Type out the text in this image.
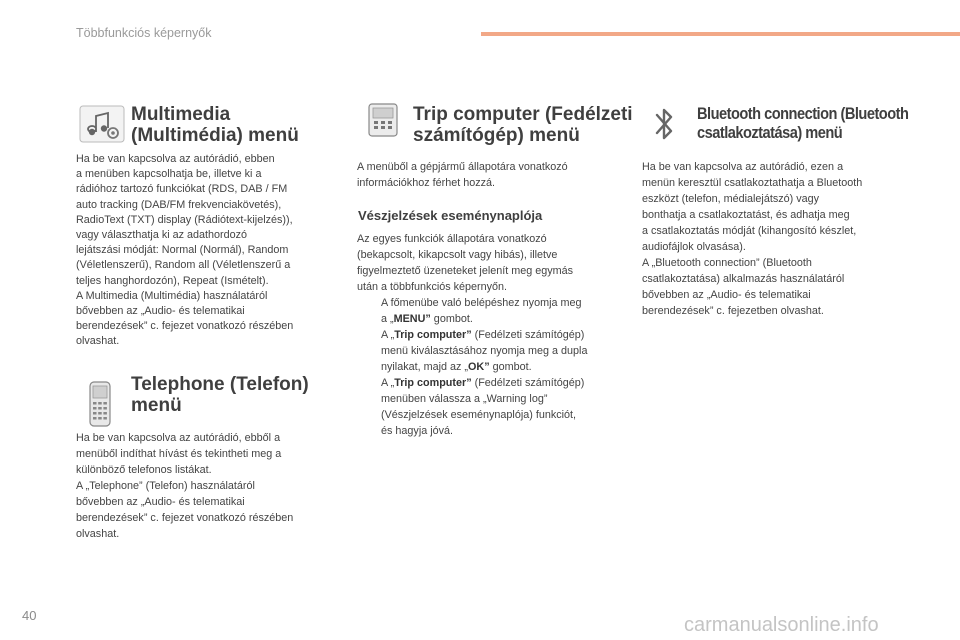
Többfunkciós képernyők
Multimedia
(Multimédia) menü

Ha be van kapcsolva az autórádió, ebben

a menüben kapcsolhatja be, illetve ki a

rádióhoz tartozó funkciókat (RDS, DAB / FM

auto tracking (DAB/FM frekvenciakövetés),

RadioText (TXT) display (Rádiótext-kijelzés)),

vagy választhatja ki az adathordozó

lejátszási módját: Normal (Normál), Random

(Véletlenszerű), Random all (Véletlenszerű a

teljes hanghordozón), Repeat (Ismételt).

A Multimedia (Multimédia) használatáról

bővebben az „Audio- és telematikai

berendezések” c. fejezet vonatkozó részében

olvashat.

Telephone (Telefon)
menü

Ha be van kapcsolva az autórádió, ebből a

menüből indíthat hívást és tekintheti meg a

különböző telefonos listákat.

A „Telephone” (Telefon) használatáról

bővebben az „Audio- és telematikai

berendezések” c. fejezet vonatkozó részében

olvashat.

Trip computer (Fedélzeti
számítógép) menü

A menüből a gépjármű állapotára vonatkozó

információkhoz férhet hozzá.

Vészjelzések eseménynaplója

Az egyes funkciók állapotára vonatkozó

(bekapcsolt, kikapcsolt vagy hibás), illetve

figyelmeztető üzeneteket jelenít meg egymás

után a többfunkciós képernyőn.

A főmenübe való belépéshez nyomja meg
a „MENU” gombot.
A „Trip computer” (Fedélzeti számítógép)
menü kiválasztásához nyomja meg a dupla
nyilakat, majd az „OK” gombot.
A „Trip computer” (Fedélzeti számítógép)
menüben válassza a „Warning log”
(Vészjelzések eseménynaplója) funkciót,
és hagyja jóvá.
Bluetooth connection (Bluetooth
csatlakoztatása) menü

Ha be van kapcsolva az autórádió, ezen a

menün keresztül csatlakoztathatja a Bluetooth

eszközt (telefon, médialejátszó) vagy

bonthatja a csatlakoztatást, és adhatja meg

a csatlakoztatás módját (kihangosító készlet,

audiofájlok olvasása).

A „Bluetooth connection” (Bluetooth

csatlakoztatása) alkalmazás használatáról

bővebben az „Audio- és telematikai

berendezések” c. fejezetben olvashat.

40	carmanualsonline.info
